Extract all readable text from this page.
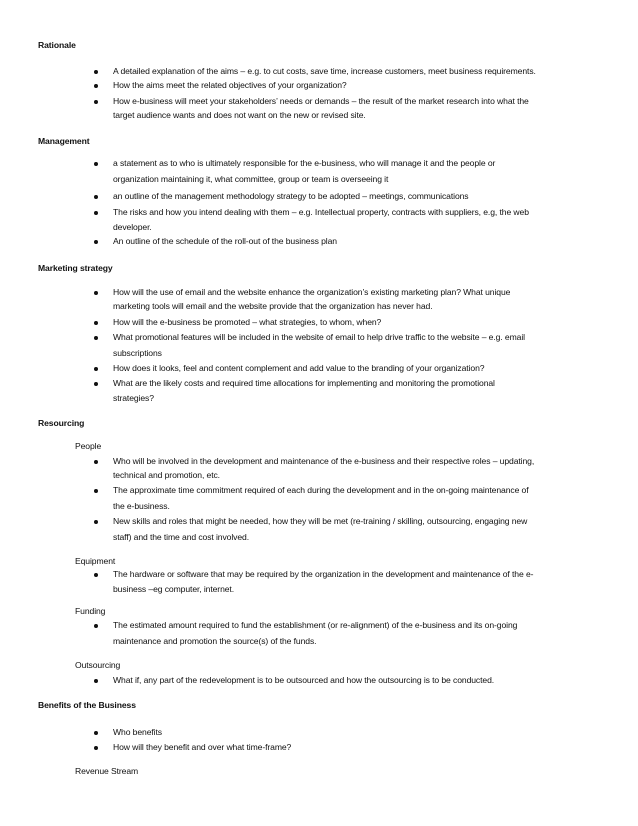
Rationale
A detailed explanation of the aims – e.g. to cut costs, save time, increase customers, meet business requirements.
How the aims meet the related objectives of your organization?
How e-business will meet your stakeholders’ needs or demands – the result of the market research into what the
target audience wants and does not want on the new or revised site.
Management
a statement as to who is ultimately responsible for the e-business, who will manage it and the people or
organization maintaining it, what committee, group or team is overseeing it
an outline of the management methodology strategy to be adopted – meetings, communications
The risks and how you intend dealing with them – e.g. Intellectual property, contracts with suppliers, e.g, the web
developer.
An outline of the schedule of the roll-out of the business plan
Marketing strategy
How will the use of email and the website enhance the organization’s existing marketing plan? What unique
marketing tools will email and the website provide that the organization has never had.
How will the e-business be promoted – what strategies, to whom, when?
What promotional features will be included in the website of email to help drive traffic to the website – e.g. email
subscriptions
How does it looks, feel and content complement and add value to the branding of your organization?
What are the likely costs and required time allocations for implementing and monitoring the promotional
strategies?
Resourcing
People
Who will be involved in the development and maintenance of the e-business and their respective roles – updating,
technical and promotion, etc.
The approximate time commitment required of each during the development and in the on-going maintenance of
the e-business.
New skills and roles that might be needed, how they will be met (re-training / skilling, outsourcing, engaging new
staff) and the time and cost involved.
Equipment
The hardware or software that may be required by the organization in the development and maintenance of the e-
business –eg computer, internet.
Funding
The estimated amount required to fund the establishment (or re-alignment) of the e-business and its on-going
maintenance and promotion the source(s) of the funds.
Outsourcing
What if, any part of the redevelopment is to be outsourced and how the outsourcing is to be conducted.
Benefits of the Business
Who benefits
How will they benefit and over what time-frame?
Revenue Stream
